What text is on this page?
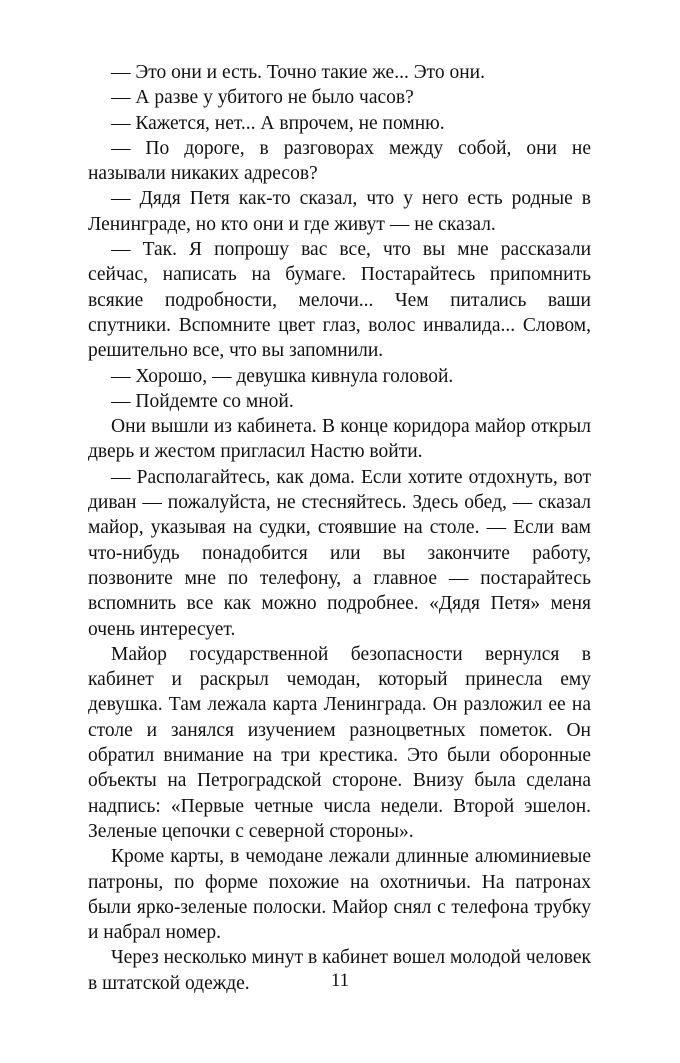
— Это они и есть. Точно такие же... Это они.

— А разве у убитого не было часов?

— Кажется, нет... А впрочем, не помню.

— По дороге, в разговорах между собой, они не называли никаких адресов?

— Дядя Петя как-то сказал, что у него есть родные в Ленинграде, но кто они и где живут — не сказал.

— Так. Я попрошу вас все, что вы мне рассказали сейчас, написать на бумаге. Постарайтесь припомнить всякие подробности, мелочи... Чем питались ваши спутники. Вспомните цвет глаз, волос инвалида... Словом, решительно все, что вы запомнили.

— Хорошо, — девушка кивнула головой.

— Пойдемте со мной.

Они вышли из кабинета. В конце коридора майор открыл дверь и жестом пригласил Настю войти.

— Располагайтесь, как дома. Если хотите отдохнуть, вот диван — пожалуйста, не стесняйтесь. Здесь обед, — сказал майор, указывая на судки, стоявшие на столе. — Если вам что-нибудь понадобится или вы закончите работу, позвоните мне по телефону, а главное — постарайтесь вспомнить все как можно подробнее. «Дядя Петя» меня очень интересует.

Майор государственной безопасности вернулся в кабинет и раскрыл чемодан, который принесла ему девушка. Там лежала карта Ленинграда. Он разложил ее на столе и занялся изучением разноцветных пометок. Он обратил внимание на три крестика. Это были оборонные объекты на Петроградской стороне. Внизу была сделана надпись: «Первые четные числа недели. Второй эшелон. Зеленые цепочки с северной стороны».

Кроме карты, в чемодане лежали длинные алюминиевые патроны, по форме похожие на охотничьи. На патронах были ярко-зеленые полоски. Майор снял с телефона трубку и набрал номер.

Через несколько минут в кабинет вошел молодой человек в штатской одежде.	11
